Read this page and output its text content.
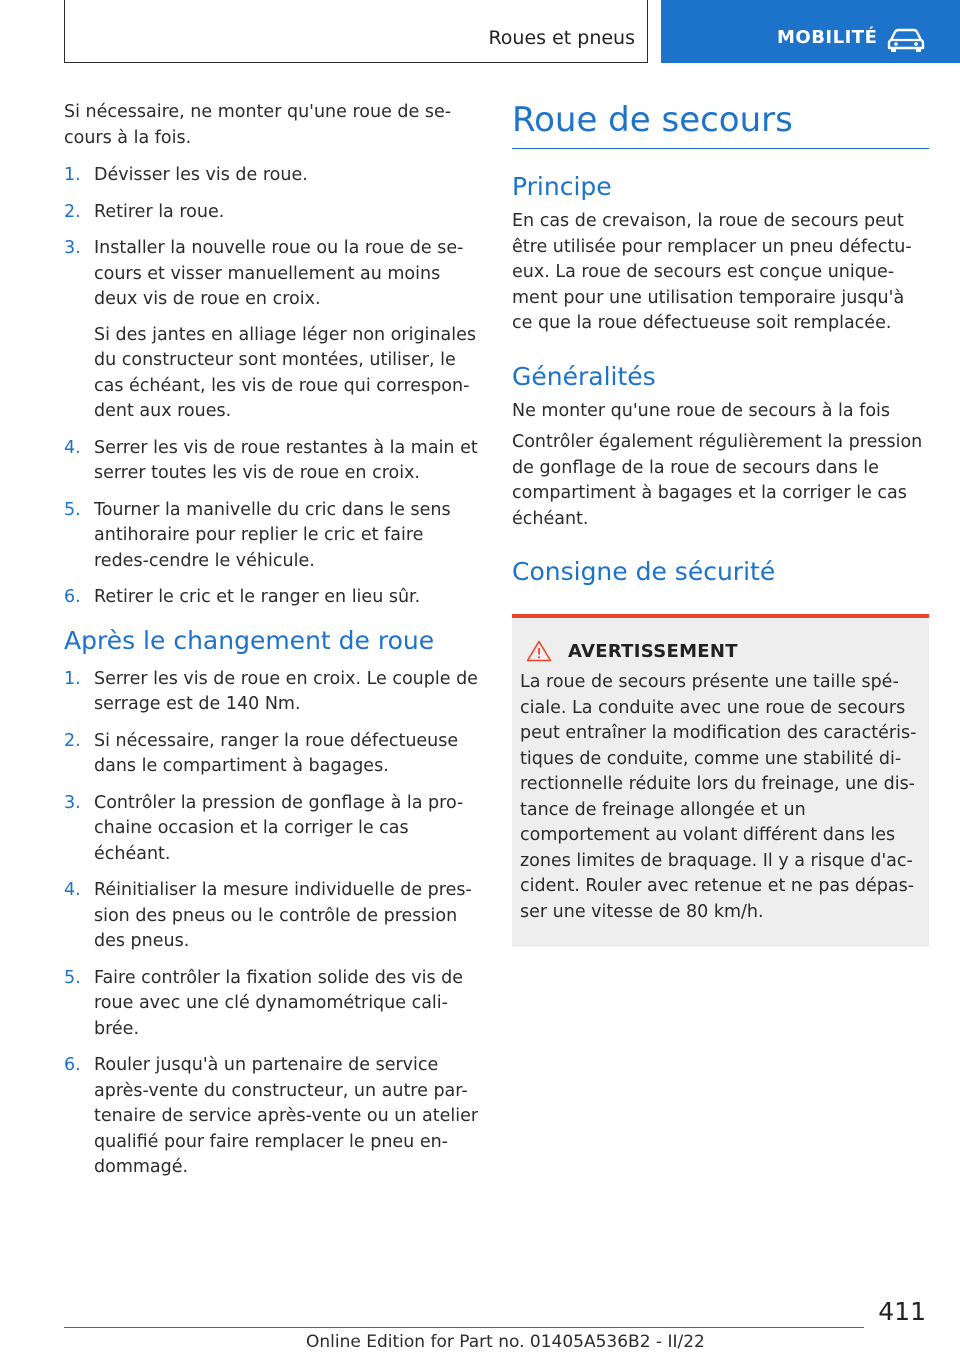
Roues et pneus	MOBILITÉ

Si nécessaire, ne monter qu'une roue de se-cours à la fois.

1. Dévisser les vis de roue.
2. Retirer la roue.
3. Installer la nouvelle roue ou la roue de se-cours et visser manuellement au moins deux vis de roue en croix.
Si des jantes en alliage léger non originales du constructeur sont montées, utiliser, le cas échéant, les vis de roue qui correspon-dent aux roues.
4. Serrer les vis de roue restantes à la main et serrer toutes les vis de roue en croix.
5. Tourner la manivelle du cric dans le sens antihoraire pour replier le cric et faire redes-cendre le véhicule.
6. Retirer le cric et le ranger en lieu sûr.
Après le changement de roue
1. Serrer les vis de roue en croix. Le couple de serrage est de 140 Nm.
2. Si nécessaire, ranger la roue défectueuse dans le compartiment à bagages.
3. Contrôler la pression de gonflage à la pro-chaine occasion et la corriger le cas échéant.
4. Réinitialiser la mesure individuelle de pres-sion des pneus ou le contrôle de pression des pneus.
5. Faire contrôler la fixation solide des vis de roue avec une clé dynamométrique cali-brée.
6. Rouler jusqu'à un partenaire de service après-vente du constructeur, un autre par-tenaire de service après-vente ou un atelier qualifié pour faire remplacer le pneu en-dommagé.
Roue de secours
Principe

En cas de crevaison, la roue de secours peut être utilisée pour remplacer un pneu défectu-eux. La roue de secours est conçue unique-ment pour une utilisation temporaire jusqu'à ce que la roue défectueuse soit remplacée.

Généralités

Ne monter qu'une roue de secours à la fois

Contrôler également régulièrement la pression de gonflage de la roue de secours dans le compartiment à bagages et la corriger le cas échéant.

Consigne de sécurité
AVERTISSEMENT

La roue de secours présente une taille spé-ciale. La conduite avec une roue de secours peut entraîner la modification des caractéris-tiques de conduite, comme une stabilité di-rectionnelle réduite lors du freinage, une dis-tance de freinage allongée et un comportement au volant différent dans les zones limites de braquage. Il y a risque d'ac-cident. Rouler avec retenue et ne pas dépas-ser une vitesse de 80 km/h.

411
Online Edition for Part no. 01405A536B2 - II/22
